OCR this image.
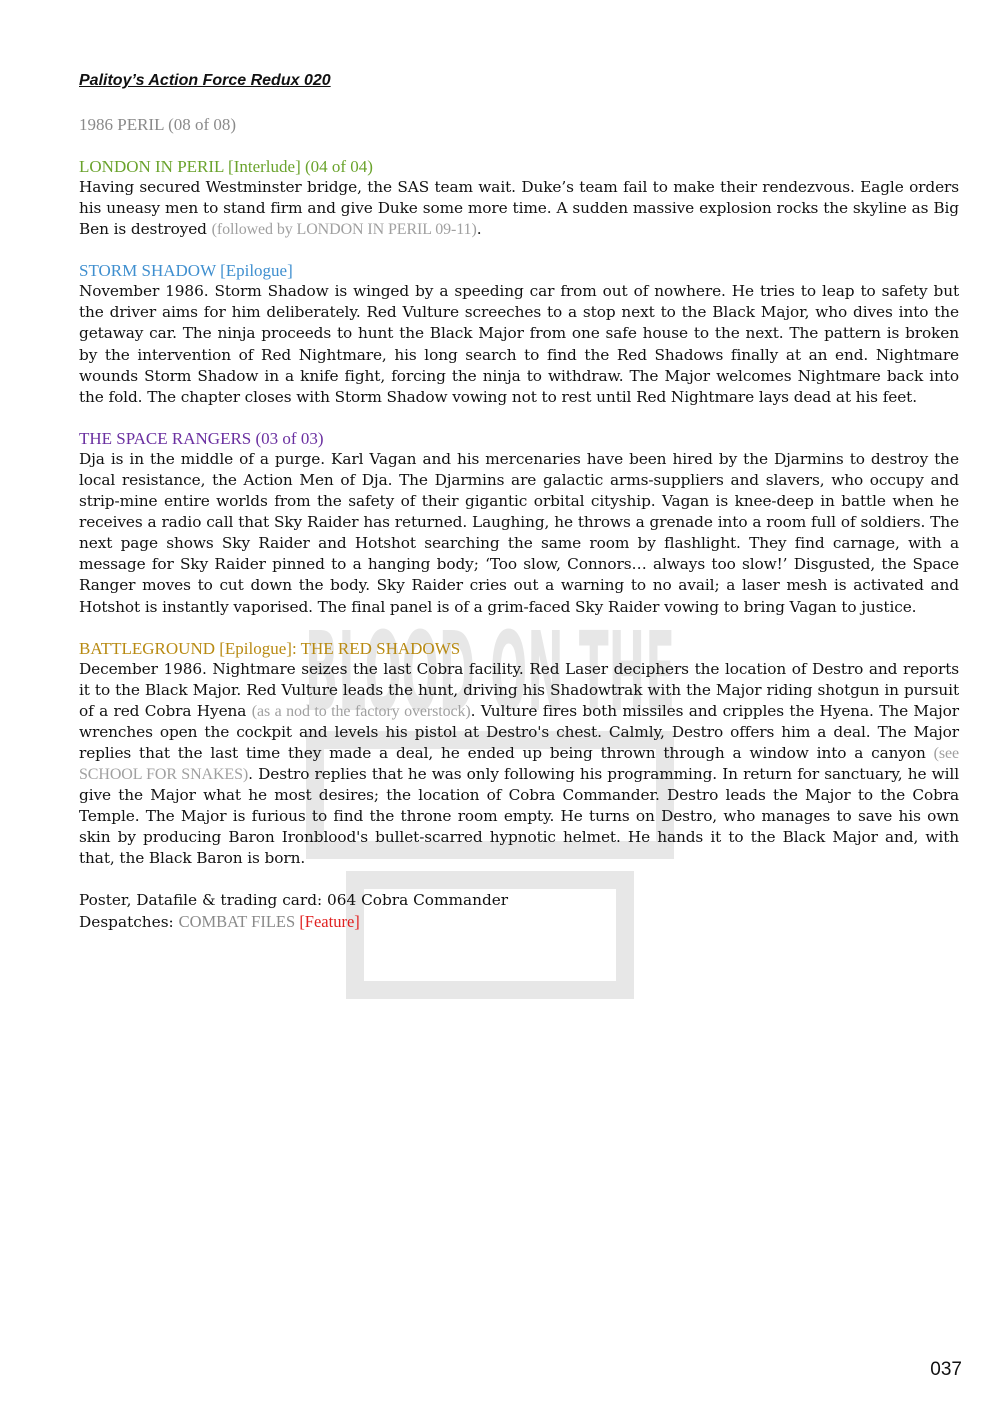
BLOOD ON THE
Palitoy’s Action Force Redux 020
1986 PERIL (08 of 08)
LONDON IN PERIL [Interlude] (04 of 04)
Having secured Westminster bridge, the SAS team wait. Duke’s team fail to make their rendezvous. Eagle orders his uneasy men to stand firm and give Duke some more time. A sudden massive explosion rocks the skyline as Big Ben is destroyed (followed by LONDON IN PERIL 09-11).
STORM SHADOW [Epilogue]
November 1986. Storm Shadow is winged by a speeding car from out of nowhere. He tries to leap to safety but the driver aims for him deliberately. Red Vulture screeches to a stop next to the Black Major, who dives into the getaway car. The ninja proceeds to hunt the Black Major from one safe house to the next. The pattern is broken by the intervention of Red Nightmare, his long search to find the Red Shadows finally at an end. Nightmare wounds Storm Shadow in a knife fight, forcing the ninja to withdraw. The Major welcomes Nightmare back into the fold. The chapter closes with Storm Shadow vowing not to rest until Red Nightmare lays dead at his feet.
THE SPACE RANGERS (03 of 03)
Dja is in the middle of a purge. Karl Vagan and his mercenaries have been hired by the Djarmins to destroy the local resistance, the Action Men of Dja. The Djarmins are galactic arms-suppliers and slavers, who occupy and strip-mine entire worlds from the safety of their gigantic orbital cityship. Vagan is knee-deep in battle when he receives a radio call that Sky Raider has returned. Laughing, he throws a grenade into a room full of soldiers. The next page shows Sky Raider and Hotshot searching the same room by flashlight. They find carnage, with a message for Sky Raider pinned to a hanging body; ‘Too slow, Connors… always too slow!’ Disgusted, the Space Ranger moves to cut down the body. Sky Raider cries out a warning to no avail; a laser mesh is activated and Hotshot is instantly vaporised. The final panel is of a grim-faced Sky Raider vowing to bring Vagan to justice.
BATTLEGROUND [Epilogue]: THE RED SHADOWS
December 1986. Nightmare seizes the last Cobra facility. Red Laser deciphers the location of Destro and reports it to the Black Major. Red Vulture leads the hunt, driving his Shadowtrak with the Major riding shotgun in pursuit of a red Cobra Hyena (as a nod to the factory overstock). Vulture fires both missiles and cripples the Hyena. The Major wrenches open the cockpit and levels his pistol at Destro's chest. Calmly, Destro offers him a deal. The Major replies that the last time they made a deal, he ended up being thrown through a window into a canyon (see SCHOOL FOR SNAKES). Destro replies that he was only following his programming. In return for sanctuary, he will give the Major what he most desires; the location of Cobra Commander. Destro leads the Major to the Cobra Temple. The Major is furious to find the throne room empty. He turns on Destro, who manages to save his own skin by producing Baron Ironblood's bullet-scarred hypnotic helmet. He hands it to the Black Major and, with that, the Black Baron is born.
Poster, Datafile & trading card: 064 Cobra Commander
Despatches: COMBAT FILES [Feature]
037
